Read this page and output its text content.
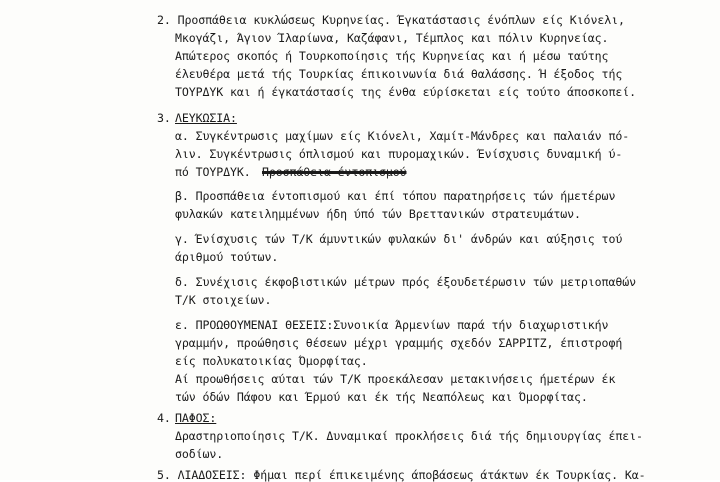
2. Προσπάθεια κυκλώσεως Κυρηνείας. Έγκατάστασις ένόπλων είς Κιόνελι,
Μκογάζι, Άγιον Ίλαρίωνα, Καζάφανι, Τέμπλος και πόλιν Κυρηνείας.
Απώτερος σκοπός ή Τουρκοποίησις τής Κυρηνείας και ή μέσω ταύτης
έλευθέρα μετά τής Τουρκίας έπικοινωνία διά θαλάσσης. Ή έξοδος τής
ΤΟΥΡΔΥΚ και ή έγκατάστασίς της ένθα εύρίσκεται είς τούτο άποσκοπεί.
3. ΛΕΥΚΩΣΙΑ:
α. Συγκέντρωσις μαχίμων είς Κιόνελι, Χαμίτ-Μάνδρες και παλαιάν πό-
λιν. Συγκέντρωσις όπλισμού και πυρομαχικών. Ένίσχυσις δυναμική ύ-
πό ΤΟΥΡΔΥΚ. Προσπάθεια έντοπισμού
β. Προσπάθεια έντοπισμού και έπί τόπου παρατηρήσεις τών ήμετέρων
φυλακών κατειλημμένων ήδη ύπό τών Βρεττανικών στρατευμάτων.
γ. Ένίσχυσις τών Τ/Κ άμυντικών φυλακών δι' άνδρών και αύξησις τού
άριθμού τούτων.
δ. Συνέχισις έκφοβιστικών μέτρων πρός έξουδετέρωσιν τών μετριοπαθών
Τ/Κ στοιχείων.
ε. ΠΡΟΩΘΟΥΜΕΝΑΙ ΘΕΣΕΙΣ:Συνοικία Άρμενίων παρά τήν διαχωριστικήν
γραμμήν, προώθησις θέσεων μέχρι γραμμής σχεδόν ΣΑΡΡΙΤΖ, έπιστροφή
είς πολυκατοικίας Όμορφίτας.
Αί προωθήσεις αύται τών Τ/Κ προεκάλεσαν μετακινήσεις ήμετέρων έκ
τών όδών Πάφου και Έρμού και έκ τής Νεαπόλεως και Όμορφίτας.
4. ΠΑΦΟΣ:
Δραστηριοποίησις Τ/Κ. Δυναμικαί προκλήσεις διά τής δημιουργίας έπει-
σοδίων.
5. ΛΙΑΔΟΣΕΙΣ: Φήμαι περί έπικειμένης άποβάσεως άτάκτων έκ Τουρκίας. Κα-
